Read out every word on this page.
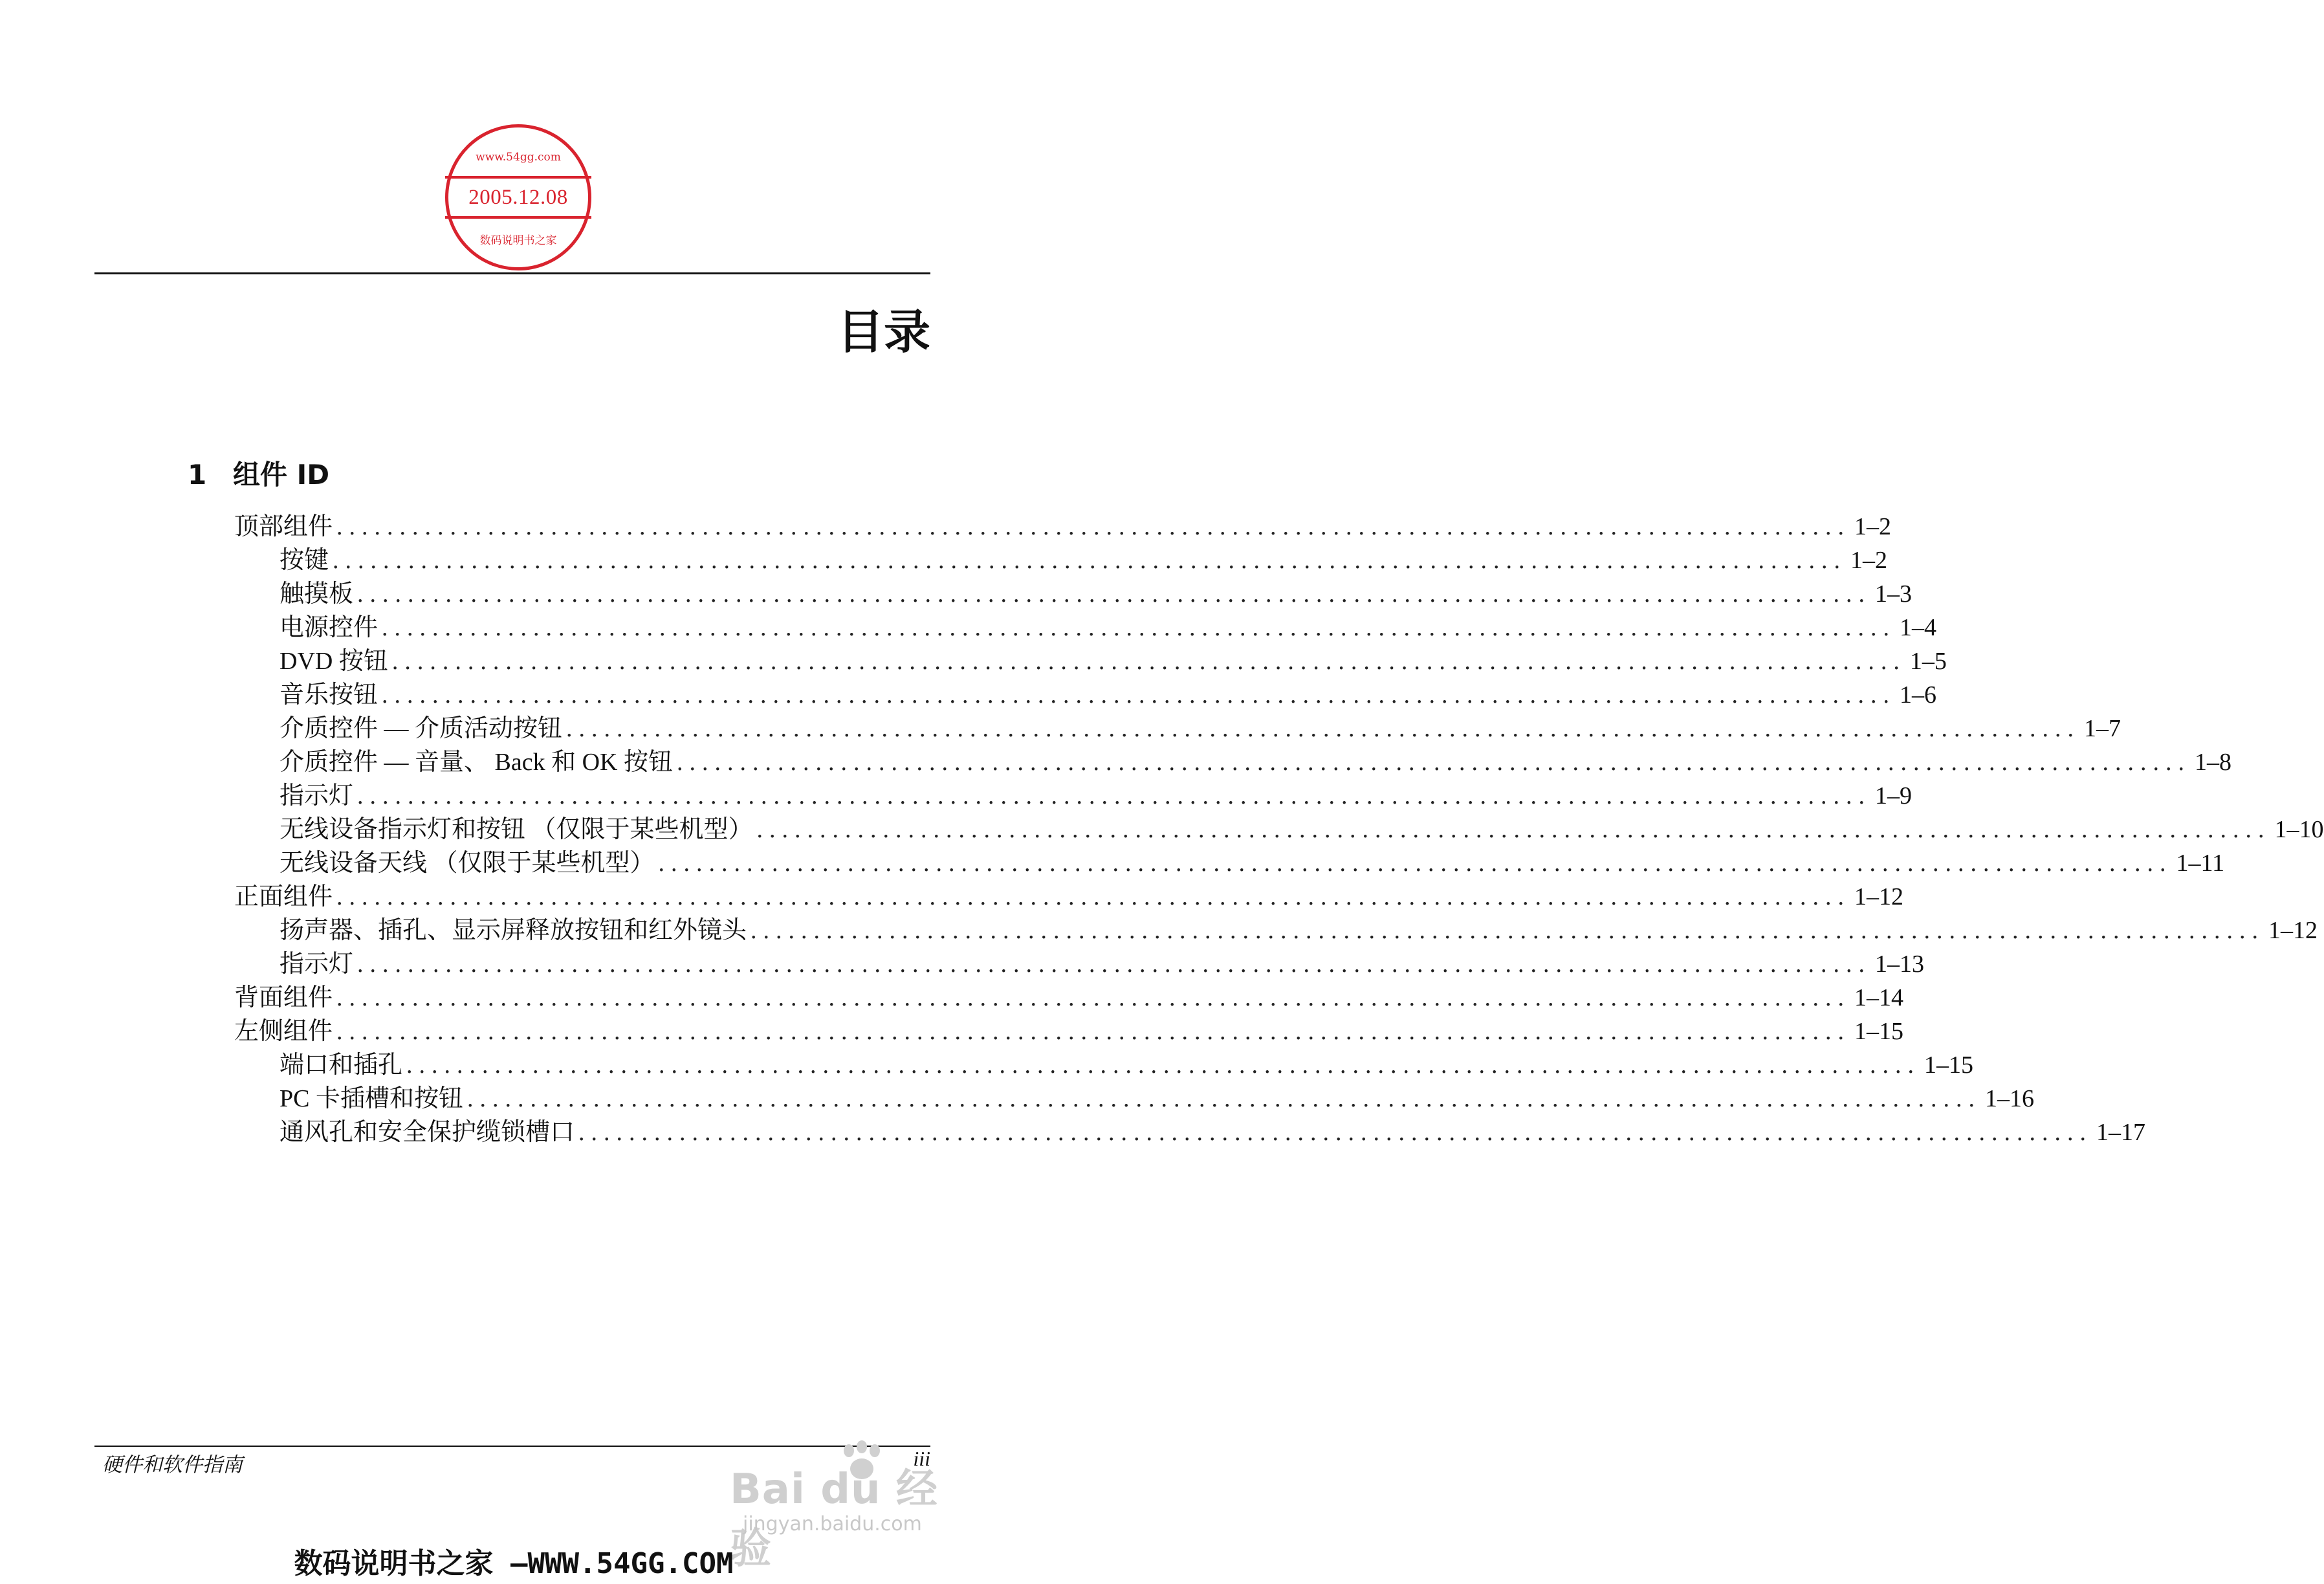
www.54gg.com
2005.12.08
数码说明书之家
目录
1 组件 ID
顶部组件 ........................................................................................................................ 1–2
按键 ........................................................................................................................ 1–2
触摸板 ........................................................................................................................ 1–3
电源控件 ........................................................................................................................ 1–4
DVD 按钮 ........................................................................................................................ 1–5
音乐按钮 ........................................................................................................................ 1–6
介质控件 — 介质活动按钮 ........................................................................................................................ 1–7
介质控件 — 音量、 Back 和 OK 按钮 ........................................................................................................................ 1–8
指示灯 ........................................................................................................................ 1–9
无线设备指示灯和按钮 （仅限于某些机型） ........................................................................................................................ 1–10
无线设备天线 （仅限于某些机型） ........................................................................................................................ 1–11
正面组件 ........................................................................................................................ 1–12
扬声器、插孔、显示屏释放按钮和红外镜头 ........................................................................................................................ 1–12
指示灯 ........................................................................................................................ 1–13
背面组件 ........................................................................................................................ 1–14
左侧组件 ........................................................................................................................ 1–15
端口和插孔 ........................................................................................................................ 1–15
PC 卡插槽和按钮 ........................................................................................................................ 1–16
通风孔和安全保护缆锁槽口 ........................................................................................................................ 1–17
硬件和软件指南	iii
Bai du 经验
jingyan.baidu.com
数码说明书之家 —WWW.54GG.COM
